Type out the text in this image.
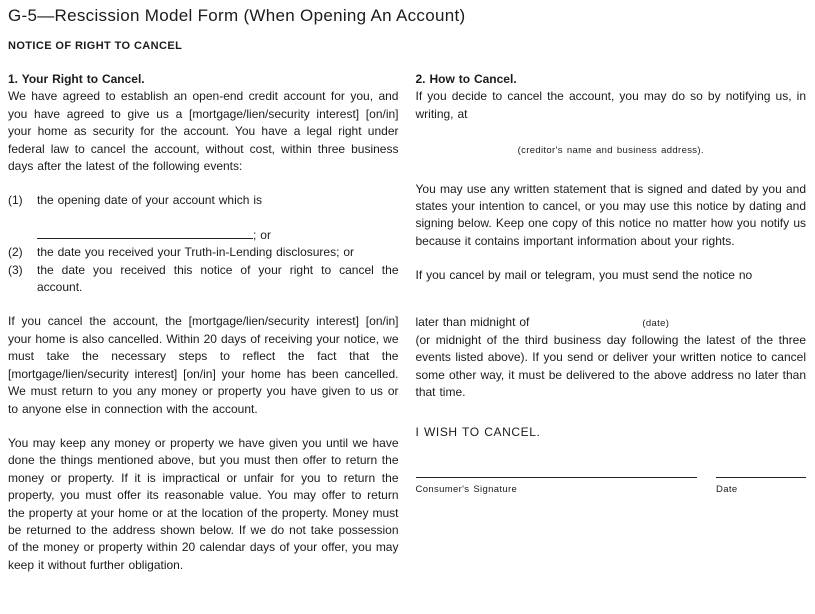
G-5—Rescission Model Form (When Opening An Account)
NOTICE OF RIGHT TO CANCEL
1. Your Right to Cancel.

We have agreed to establish an open-end credit account for you, and you have agreed to give us a [mortgage/lien/security interest] [on/in] your home as security for the account. You have a legal right under federal law to cancel the account, without cost, within three business days after the latest of the following events:

(1)	the opening date of your account which is
; or
(2)	the date you received your Truth-in-Lending disclosures; or
(3)	the date you received this notice of your right to cancel the account.

If you cancel the account, the [mortgage/lien/security interest] [on/in] your home is also cancelled. Within 20 days of receiving your notice, we must take the necessary steps to reflect the fact that the [mortgage/lien/security interest] [on/in] your home has been cancelled. We must return to you any money or property you have given to us or to anyone else in connection with the account.

You may keep any money or property we have given you until we have done the things mentioned above, but you must then offer to return the money or property. If it is impractical or unfair for you to return the property, you must offer its reasonable value. You may offer to return the property at your home or at the location of the property. Money must be returned to the address shown below. If we do not take possession of the money or property within 20 calendar days of your offer, you may keep it without further obligation.

2. How to Cancel.

If you decide to cancel the account, you may do so by notifying us, in writing, at

(creditor's name and business address).

You may use any written statement that is signed and dated by you and states your intention to cancel, or you may use this notice by dating and signing below. Keep one copy of this notice no matter how you notify us because it contains important information about your rights.

If you cancel by mail or telegram, you must send the notice no

later than midnight of	(date)

(or midnight of the third business day following the latest of the three events listed above). If you send or deliver your written notice to cancel some other way, it must be delivered to the above address no later than that time.

I WISH TO CANCEL.
Consumer's Signature	Date
